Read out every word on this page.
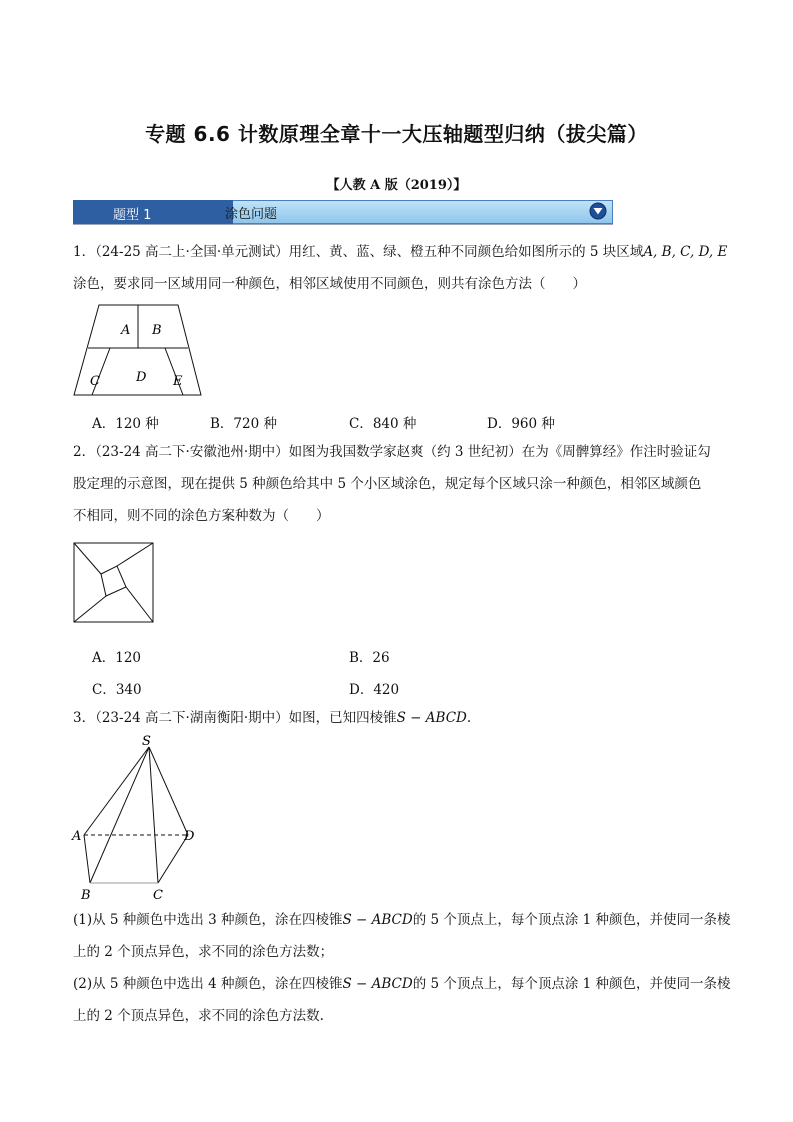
专题 6.6 计数原理全章十一大压轴题型归纳（拔尖篇）
【人教 A 版（2019）】
题型 1	涂色问题
1．（24-25 高二上·全国·单元测试）用红、黄、蓝、绿、橙五种不同颜色给如图所示的 5 块区域A, B, C, D, E
涂色，要求同一区域用同一种颜色，相邻区域使用不同颜色，则共有涂色方法（　　）
A B
C	D E
A．120 种	B．720 种	C．840 种	D．960 种
2．（23-24 高二下·安徽池州·期中）如图为我国数学家赵爽（约 3 世纪初）在为《周髀算经》作注时验证勾
股定理的示意图，现在提供 5 种颜色给其中 5 个小区域涂色，规定每个区域只涂一种颜色，相邻区域颜色
不相同，则不同的涂色方案种数为（　　）
A．120	B．26
C．340	D．420
3．（23-24 高二下·湖南衡阳·期中）如图，已知四棱锥S − ABCD.
S
A
B	C
D
(1)从 5 种颜色中选出 3 种颜色，涂在四棱锥S − ABCD的 5 个顶点上，每个顶点涂 1 种颜色，并使同一条棱
上的 2 个顶点异色，求不同的涂色方法数；
(2)从 5 种颜色中选出 4 种颜色，涂在四棱锥S − ABCD的 5 个顶点上，每个顶点涂 1 种颜色，并使同一条棱
上的 2 个顶点异色，求不同的涂色方法数.
